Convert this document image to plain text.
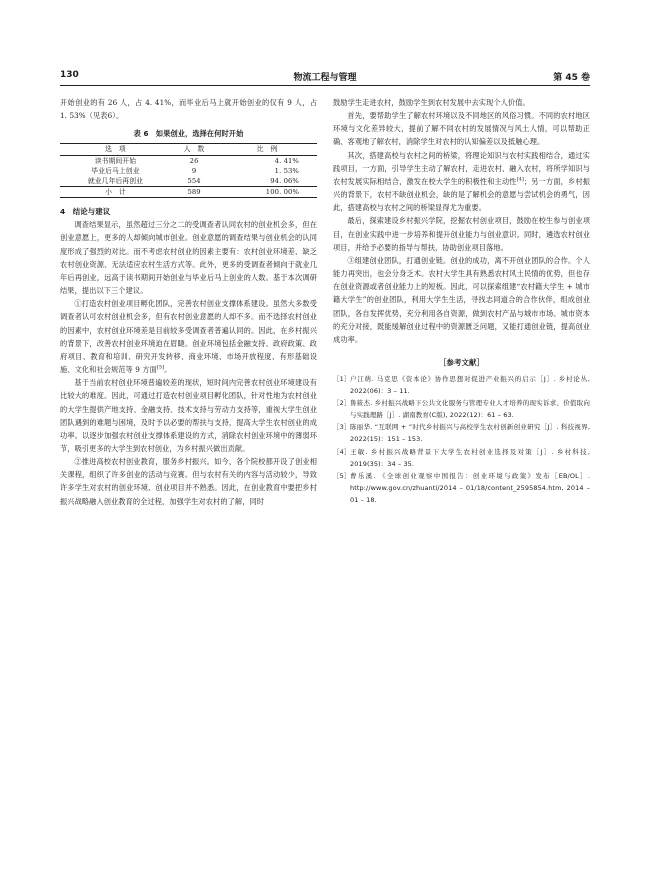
130	物流工程与管理	第 45 卷

开始创业的有 26 人，占 4. 41%，而毕业后马上就开始创业的仅有 9 人，占 1. 53%（见表6）。

表 6　如果创业，选择在何时开始
选　项	人　数	比　例
读书期间开始	26	4. 41%
毕业后马上创业	9	1. 53%
就业几年后再创业	554	94. 06%
小　计	589	100. 00%
4　结论与建议

调查结果显示，虽然超过三分之二的受调查者认同农村的创业机会多，但在创业意愿上，更多的人却倾向城市创业。创业意愿的调查结果与创业机会的认同度形成了强烈的对比。而不考虑农村创业的因素主要有：农村创业环境差、缺乏农村创业资源、无法适应农村生活方式等。此外，更多的受调查者倾向于就业几年后再创业，远高于读书期间开始创业与毕业后马上创业的人数。基于本次调研结果，提出以下三个建议。

①打造农村创业项目孵化团队，完善农村创业支撑体系建设。虽然大多数受调查者认可农村创业机会多，但有农村创业意愿的人却不多。而不选择农村创业的因素中，农村创业环境差是目前较多受调查者普遍认同的。因此，在乡村振兴的背景下，改善农村创业环境迫在眉睫。创业环境包括金融支持、政府政策、政府项目、教育和培训、研究开发转移、商业环境、市场开放程度、有形基础设施、文化和社会规范等 9 方面[5]。

基于当前农村创业环境普遍较差的现状，短时间内完善农村创业环境建设有比较大的难度。因此，可通过打造农村创业项目孵化团队，针对性地为农村创业的大学生提供产地支持、金融支持、技术支持与劳动力支持等，重视大学生创业团队遇到的难题与困境，及时予以必要的帮扶与支持，提高大学生农村创业的成功率。以逐步加强农村创业支撑体系建设的方式，消除农村创业环境中的薄弱环节，吸引更多的大学生到农村创业，为乡村振兴做出贡献。

②推进高校农村创业教育，服务乡村振兴。如今，各个院校都开设了创业相关课程，组织了许多创业的活动与竞赛。但与农村有关的内容与活动较少，导致许多学生对农村的创业环境、创业项目并不熟悉。因此，在创业教育中要把乡村振兴战略融入创业教育的全过程，加强学生对农村的了解，同时

鼓励学生走进农村，鼓励学生到农村发展中去实现个人价值。

首先，要帮助学生了解农村环境以及不同地区的风俗习惯。不同的农村地区环境与文化差异较大，提前了解不同农村的发展情况与风土人情，可以帮助正确、客观地了解农村，消除学生对农村的认知偏差以及抵触心理。

其次，搭建高校与农村之间的桥梁，将理论知识与农村实践相结合，通过实践项目，一方面，引导学生主动了解农村，走进农村、融入农村，将所学知识与农村发展实际相结合，激发在校大学生的积极性和主动性[4]；另一方面，乡村振兴的背景下，农村不缺创业机会，缺的是了解机会的意愿与尝试机会的勇气，因此，搭建高校与农村之间的桥梁显得尤为重要。

最后，探索建设乡村振兴学院，挖掘农村创业项目，鼓励在校生参与创业项目，在创业实践中进一步培养和提升创业能力与创业意识。同时，遴选农村创业项目，并给予必要的指导与帮扶，协助创业项目落地。

③组建创业团队，打通创业链。创业的成功，离不开创业团队的合作。个人能力再突出，也会分身乏术。农村大学生具有熟悉农村风土民情的优势，但也存在创业资源或者创业能力上的短板。因此，可以探索组建“农村籍大学生 + 城市籍大学生”的创业团队，利用大学生生活，寻找志同道合的合作伙伴，组成创业团队，各自发挥优势，充分利用各自资源，做到农村产品与城市市场、城市资本的充分对接，既能缓解创业过程中的资源匮乏问题，又能打通创业链，提高创业成功率。

［参考文献］
［1］ 户江萌. 马克思《资本论》协作思想对促进产业振兴的启示［J］. 乡村论丛, 2022(06)：3 – 11.
［2］ 鲁筱杰. 乡村振兴战略下公共文化服务与管理专业人才培养的现实诉求、价值取向与实践理路［J］. 湖南教育(C版), 2022(12)：61 – 63.
［3］ 陈丽华. “互联网 + ”时代乡村振兴与高校学生农村创新创业研究［J］. 科技视界, 2022(15)：151 – 153.
［4］ 王敏. 乡村振兴战略背景下大学生农村创业选择及对策［J］. 乡村科技, 2019(35)：34 – 35.
［5］ 曹乐溪. 《全球创业观察中国报告：创业环境与政策》发布［EB/OL］. http://www.gov.cn/zhuanti/2014 – 01/18/content_2595854.htm, 2014 – 01 – 18.
